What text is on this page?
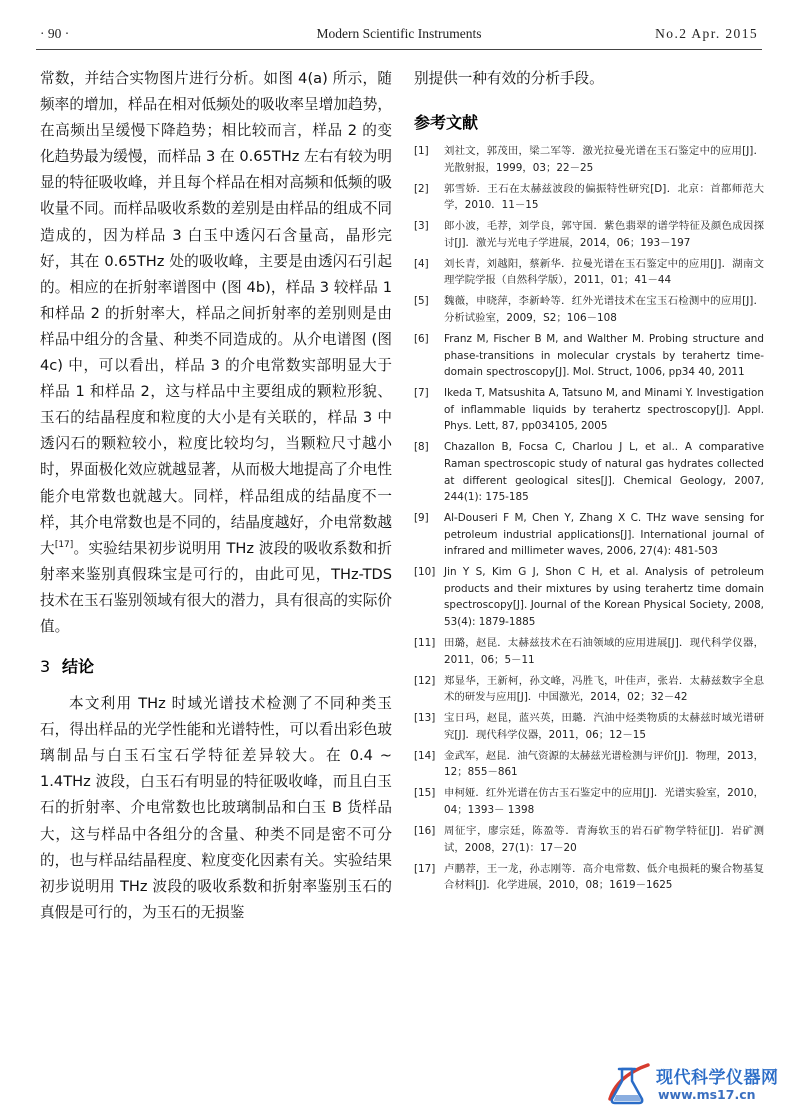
· 90 ·	Modern Scientific Instruments	No.2 Apr. 2015

常数，并结合实物图片进行分析。如图 4(a) 所示，随频率的增加，样品在相对低频处的吸收率呈增加趋势，在高频出呈缓慢下降趋势；相比较而言，样品 2 的变化趋势最为缓慢，而样品 3 在 0.65THz 左右有较为明显的特征吸收峰，并且每个样品在相对高频和低频的吸收量不同。而样品吸收系数的差别是由样品的组成不同造成的，因为样品 3 白玉中透闪石含量高，晶形完好，其在 0.65THz 处的吸收峰，主要是由透闪石引起的。相应的在折射率谱图中 (图 4b)，样品 3 较样品 1 和样品 2 的折射率大，样品之间折射率的差别则是由样品中组分的含量、种类不同造成的。从介电谱图 (图 4c) 中，可以看出，样品 3 的介电常数实部明显大于样品 1 和样品 2，这与样品中主要组成的颗粒形貌、玉石的结晶程度和粒度的大小是有关联的，样品 3 中透闪石的颗粒较小，粒度比较均匀，当颗粒尺寸越小时，界面极化效应就越显著，从而极大地提高了介电性能介电常数也就越大。同样，样品组成的结晶度不一样，其介电常数也是不同的，结晶度越好，介电常数越大[17]。实验结果初步说明用 THz 波段的吸收系数和折射率来鉴别真假珠宝是可行的，由此可见，THz-TDS 技术在玉石鉴别领域有很大的潜力，具有很高的实际价值。

3 结论

本文利用 THz 时域光谱技术检测了不同种类玉石，得出样品的光学性能和光谱特性，可以看出彩色玻璃制品与白玉石宝石学特征差异较大。在 0.4 ~ 1.4THz 波段，白玉石有明显的特征吸收峰，而且白玉石的折射率、介电常数也比玻璃制品和白玉 B 货样品大，这与样品中各组分的含量、种类不同是密不可分的，也与样品结晶程度、粒度变化因素有关。实验结果初步说明用 THz 波段的吸收系数和折射率鉴别玉石的真假是可行的，为玉石的无损鉴

别提供一种有效的分析手段。

参考文献
[1] 刘社文，郭茂田，梁二军等．激光拉曼光谱在玉石鉴定中的应用[J]．光散射报，1999，03；22－25
[2] 郭雪娇．王石在太赫兹波段的偏振特性研究[D]．北京：首都师范大学，2010．11－15
[3] 郎小波，毛荐，刘学良，郭守国．紫色翡翠的谱学特征及颜色成因探讨[J]．激光与光电子学进展，2014，06；193－197
[4] 刘长青，刘越阳，蔡新华．拉曼光谱在玉石鉴定中的应用[J]．湖南文理学院学报（自然科学版），2011，01；41－44
[5] 魏薇，申晓萍，李新岭等．红外光谱技术在宝玉石检测中的应用[J]．分析试验室，2009，S2；106－108
[6] Franz M, Fischer B M, and Walther M. Probing structure and phase-transitions in molecular crystals by terahertz time-domain spectroscopy[J]. Mol. Struct, 1006, pp34 40, 2011
[7] Ikeda T, Matsushita A, Tatsuno M, and Minami Y. Investigation of inflammable liquids by terahertz spectroscopy[J]. Appl. Phys. Lett, 87, pp034105, 2005
[8] Chazallon B, Focsa C, Charlou J L, et al.. A comparative Raman spectroscopic study of natural gas hydrates collected at different geological sites[J]. Chemical Geology, 2007, 244(1): 175-185
[9] Al-Douseri F M, Chen Y, Zhang X C. THz wave sensing for petroleum industrial applications[J]. International journal of infrared and millimeter waves, 2006, 27(4): 481-503
[10] Jin Y S, Kim G J, Shon C H, et al. Analysis of petroleum products and their mixtures by using terahertz time domain spectroscopy[J]. Journal of the Korean Physical Society, 2008, 53(4): 1879-1885
[11] 田璐，赵昆．太赫兹技术在石油领域的应用进展[J]．现代科学仪器，2011，06；5－11
[12] 郑显华，王新柯，孙文峰，冯胜飞，叶佳声，张岩．太赫兹数字全息术的研发与应用[J]．中国激光，2014，02；32－42
[13] 宝日玛，赵昆，蓝兴英，田璐．汽油中烃类物质的太赫兹时域光谱研究[J]．现代科学仪器，2011，06；12－15
[14] 金武军，赵昆．油气资源的太赫兹光谱检测与评价[J]．物理，2013，12；855－861
[15] 申柯娅．红外光谱在仿古玉石鉴定中的应用[J]．光谱实验室，2010，04；1393－ 1398
[16] 周征宇，廖宗廷，陈盈等．青海软玉的岩石矿物学特征[J]．岩矿测试，2008，27(1)：17－20
[17] 卢鹏荐，王一龙，孙志刚等．高介电常数、低介电损耗的聚合物基复合材料[J]．化学进展，2010，08；1619－1625
现代科学仪器网
www.ms17.cn
